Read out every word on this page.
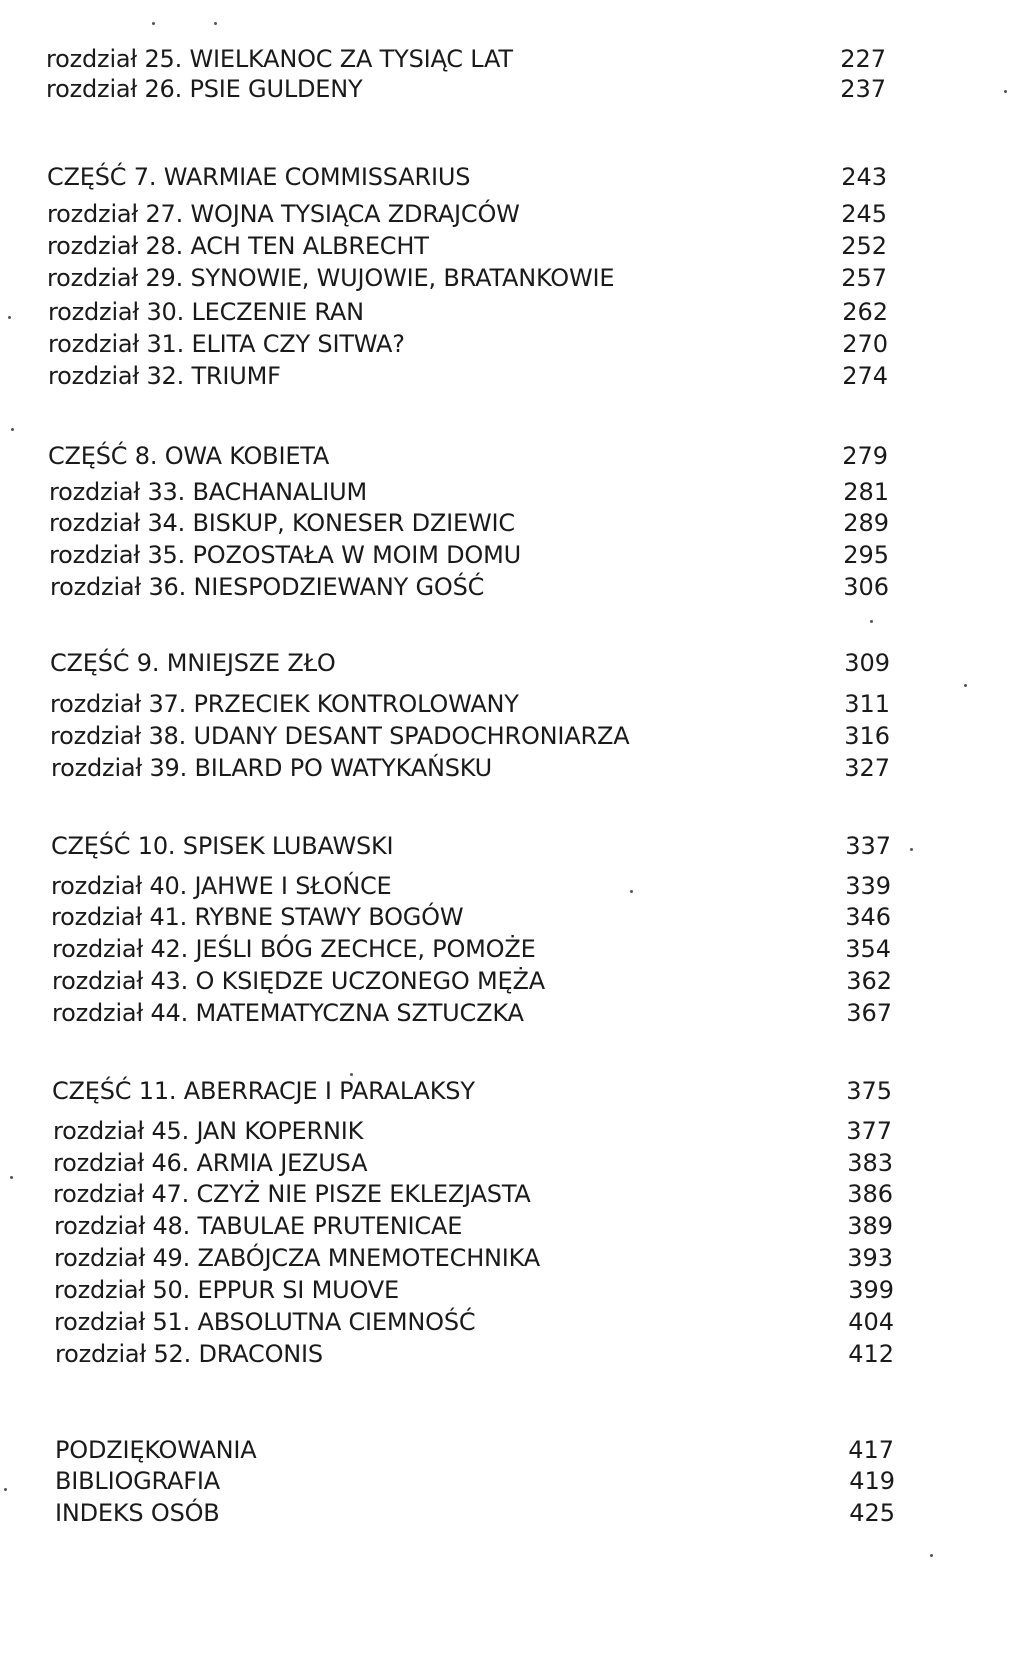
rozdział 25. WIELKANOC ZA TYSIĄC LAT	227
rozdział 26. PSIE GULDENY	237
CZĘŚĆ 7. WARMIAE COMMISSARIUS	243
rozdział 27. WOJNA TYSIĄCA ZDRAJCÓW	245
rozdział 28. ACH TEN ALBRECHT	252
rozdział 29. SYNOWIE, WUJOWIE, BRATANKOWIE	257
rozdział 30. LECZENIE RAN	262
rozdział 31. ELITA CZY SITWA?	270
rozdział 32. TRIUMF	274
CZĘŚĆ 8. OWA KOBIETA	279
rozdział 33. BACHANALIUM	281
rozdział 34. BISKUP, KONESER DZIEWIC	289
rozdział 35. POZOSTAŁA W MOIM DOMU	295
rozdział 36. NIESPODZIEWANY GOŚĆ	306
CZĘŚĆ 9. MNIEJSZE ZŁO	309
rozdział 37. PRZECIEK KONTROLOWANY	311
rozdział 38. UDANY DESANT SPADOCHRONIARZA	316
rozdział 39. BILARD PO WATYKAŃSKU	327
CZĘŚĆ 10. SPISEK LUBAWSKI	337
rozdział 40. JAHWE I SŁOŃCE	339
rozdział 41. RYBNE STAWY BOGÓW	346
rozdział 42. JEŚLI BÓG ZECHCE, POMOŻE	354
rozdział 43. O KSIĘDZE UCZONEGO MĘŻA	362
rozdział 44. MATEMATYCZNA SZTUCZKA	367
CZĘŚĆ 11. ABERRACJE I PARALAKSY	375
rozdział 45. JAN KOPERNIK	377
rozdział 46. ARMIA JEZUSA	383
rozdział 47. CZYŻ NIE PISZE EKLEZJASTA	386
rozdział 48. TABULAE PRUTENICAE	389
rozdział 49. ZABÓJCZA MNEMOTECHNIKA	393
rozdział 50. EPPUR SI MUOVE	399
rozdział 51. ABSOLUTNA CIEMNOŚĆ	404
rozdział 52. DRACONIS	412
PODZIĘKOWANIA	417
BIBLIOGRAFIA	419
INDEKS OSÓB	425
